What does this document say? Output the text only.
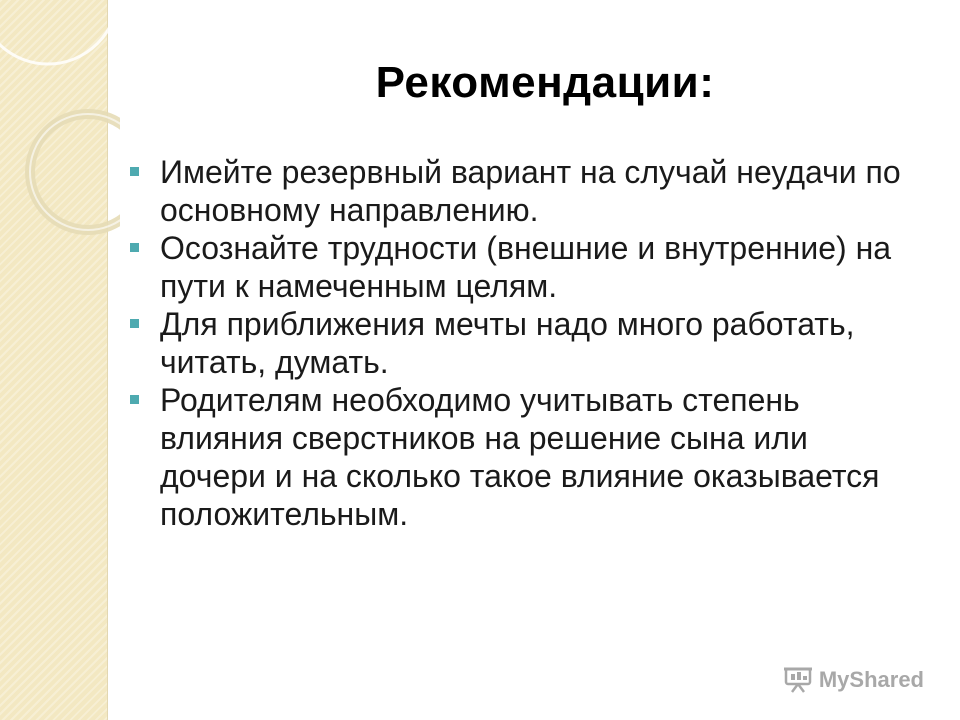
Рекомендации:
Имейте резервный вариант на случай неудачи по основному направлению.
Осознайте трудности (внешние и внутренние) на пути к намеченным целям.
Для приближения мечты надо много работать, читать, думать.
Родителям необходимо учитывать степень влияния сверстников на решение сына или дочери и на сколько такое влияние оказывается положительным.
MyShared
